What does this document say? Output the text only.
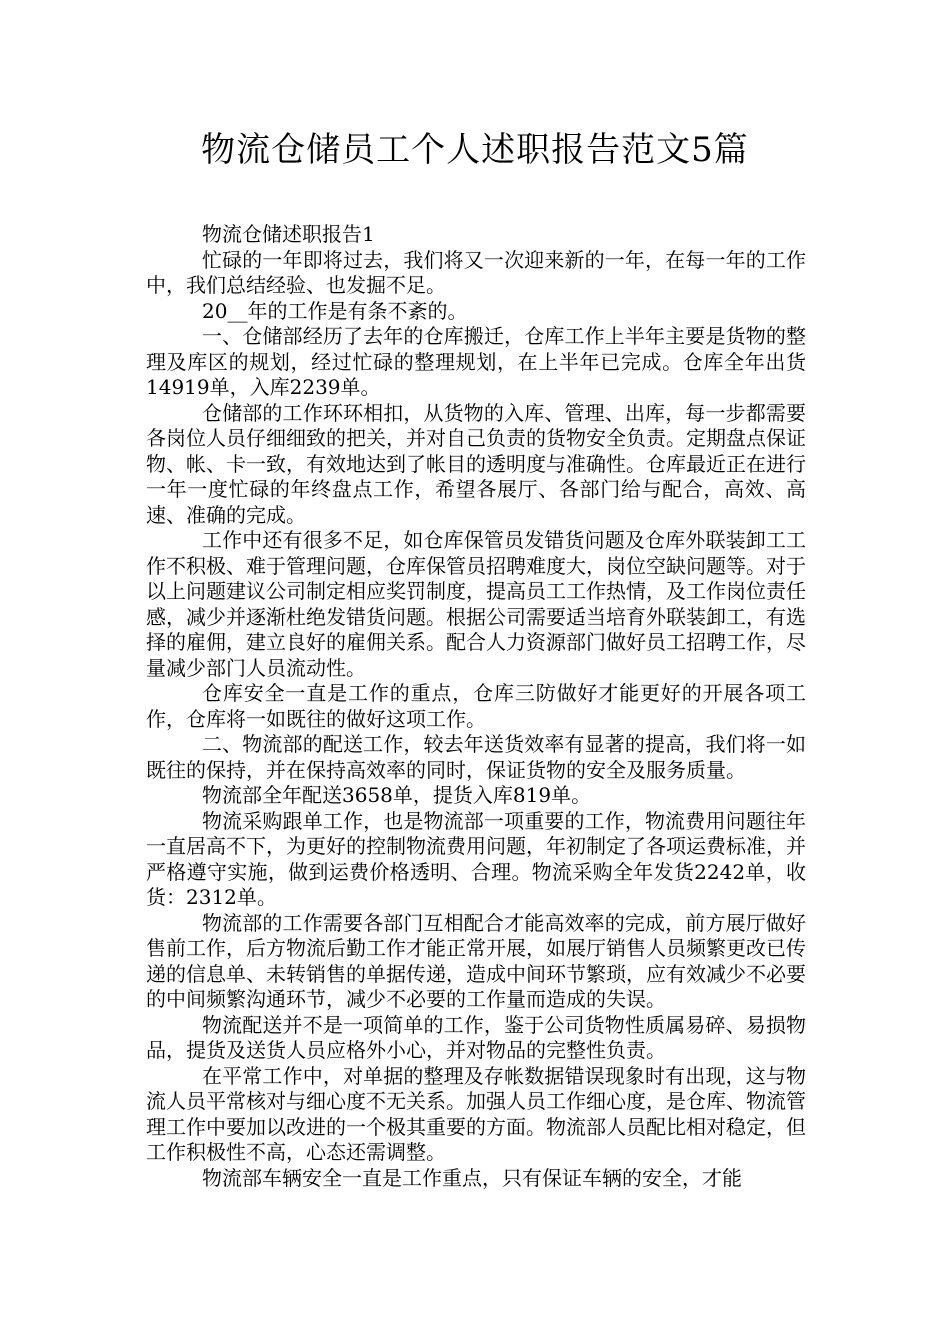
物流仓储员工个人述职报告范文5篇

物流仓储述职报告1

忙碌的一年即将过去，我们将又一次迎来新的一年，在每一年的工作中，我们总结经验、也发掘不足。

20__年的工作是有条不紊的。

一、仓储部经历了去年的仓库搬迁，仓库工作上半年主要是货物的整理及库区的规划，经过忙碌的整理规划，在上半年已完成。仓库全年出货14919单，入库2239单。

仓储部的工作环环相扣，从货物的入库、管理、出库，每一步都需要各岗位人员仔细细致的把关，并对自己负责的货物安全负责。定期盘点保证物、帐、卡一致，有效地达到了帐目的透明度与准确性。仓库最近正在进行一年一度忙碌的年终盘点工作，希望各展厅、各部门给与配合，高效、高速、准确的完成。

工作中还有很多不足，如仓库保管员发错货问题及仓库外联装卸工工作不积极、难于管理问题，仓库保管员招聘难度大，岗位空缺问题等。对于以上问题建议公司制定相应奖罚制度，提高员工工作热情，及工作岗位责任感，减少并逐渐杜绝发错货问题。根据公司需要适当培育外联装卸工，有选择的雇佣，建立良好的雇佣关系。配合人力资源部门做好员工招聘工作，尽量减少部门人员流动性。

仓库安全一直是工作的重点，仓库三防做好才能更好的开展各项工作，仓库将一如既往的做好这项工作。

二、物流部的配送工作，较去年送货效率有显著的提高，我们将一如既往的保持，并在保持高效率的同时，保证货物的安全及服务质量。

物流部全年配送3658单，提货入库819单。

物流采购跟单工作，也是物流部一项重要的工作，物流费用问题往年一直居高不下，为更好的控制物流费用问题，年初制定了各项运费标准，并严格遵守实施，做到运费价格透明、合理。物流采购全年发货2242单，收货：2312单。

物流部的工作需要各部门互相配合才能高效率的完成，前方展厅做好售前工作，后方物流后勤工作才能正常开展，如展厅销售人员频繁更改已传递的信息单、未转销售的单据传递，造成中间环节繁琐，应有效减少不必要的中间频繁沟通环节，减少不必要的工作量而造成的失误。

物流配送并不是一项简单的工作，鉴于公司货物性质属易碎、易损物品，提货及送货人员应格外小心，并对物品的完整性负责。

在平常工作中，对单据的整理及存帐数据错误现象时有出现，这与物流人员平常核对与细心度不无关系。加强人员工作细心度，是仓库、物流管理工作中要加以改进的一个极其重要的方面。物流部人员配比相对稳定，但工作积极性不高，心态还需调整。

物流部车辆安全一直是工作重点，只有保证车辆的安全，才能
